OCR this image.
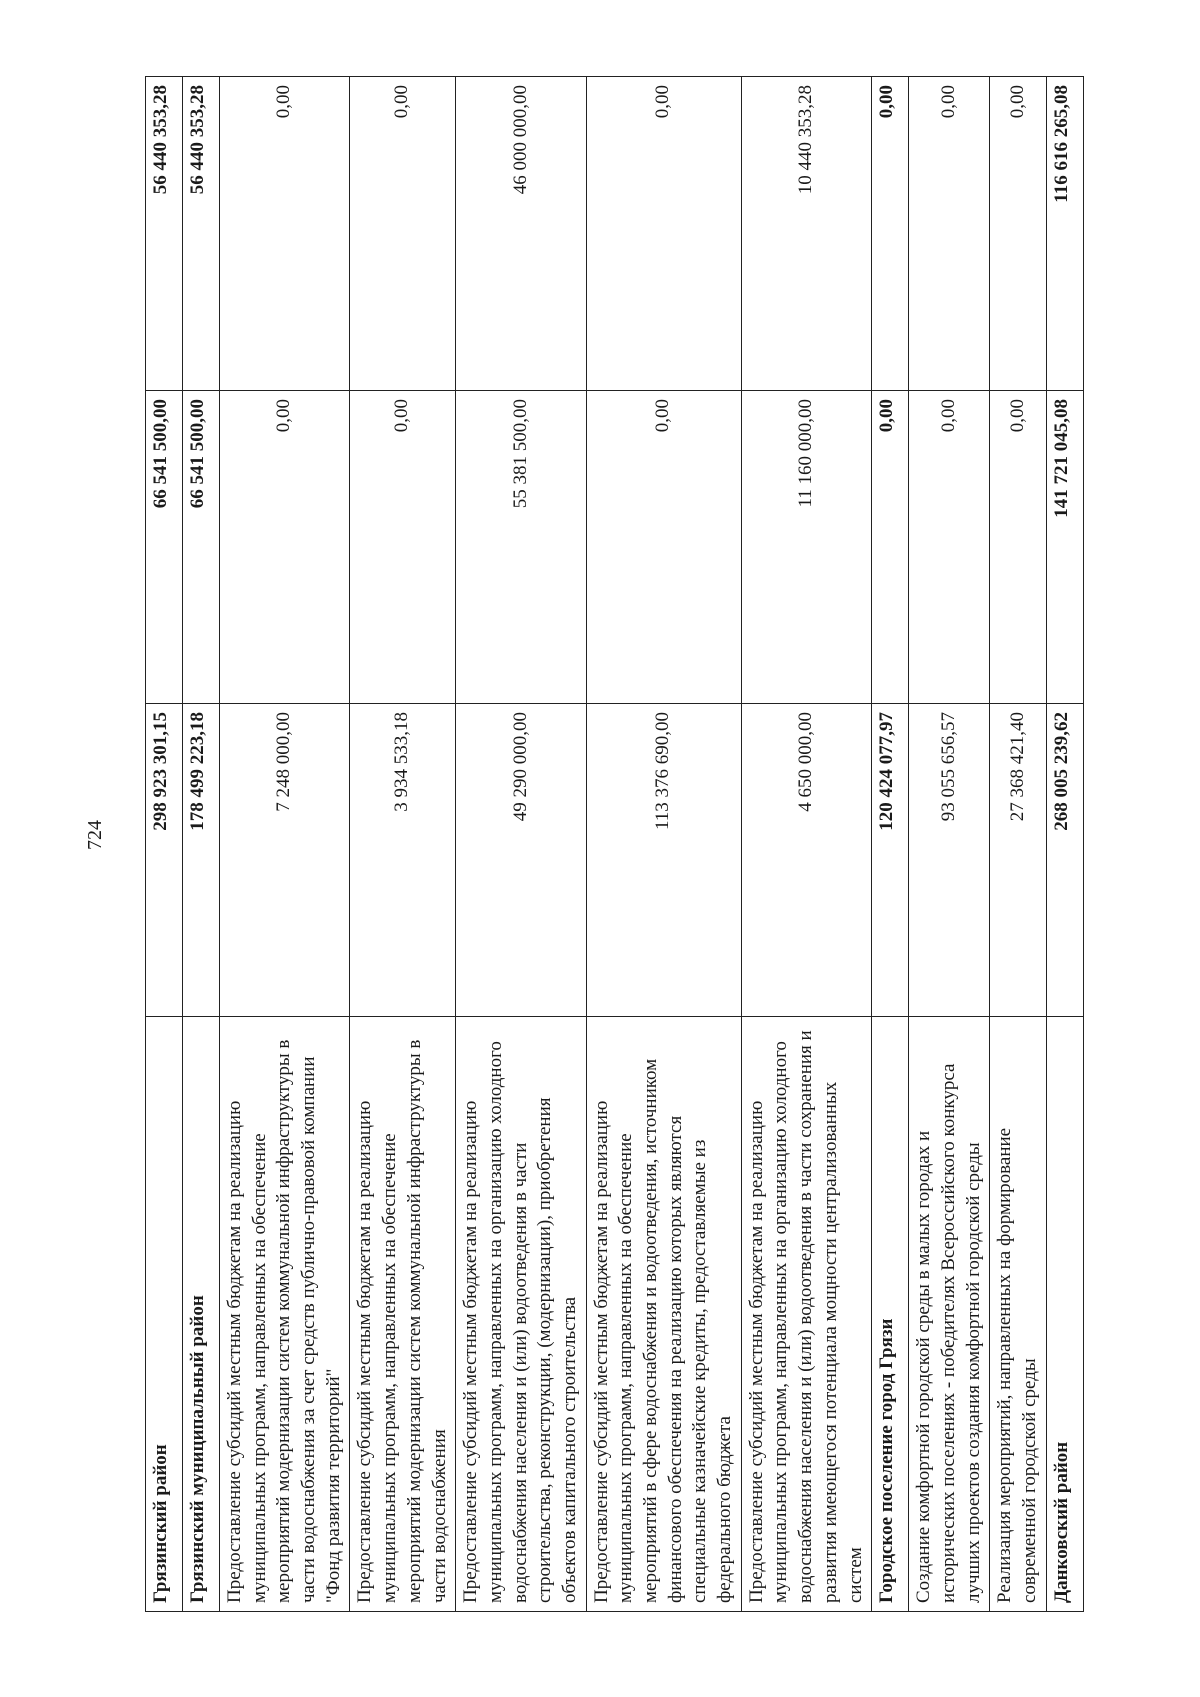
724
Грязинский район	298 923 301,15	66 541 500,00	56 440 353,28
Грязинский муниципальный район	178 499 223,18	66 541 500,00	56 440 353,28
Предоставление субсидий местным бюджетам на реализацию муниципальных программ, направленных на обеспечение мероприятий модернизации систем коммунальной инфраструктуры в части водоснабжения за счет средств публично-правовой компании "Фонд развития территорий"	7 248 000,00	0,00	0,00
Предоставление субсидий местным бюджетам на реализацию муниципальных программ, направленных на обеспечение мероприятий модернизации систем коммунальной инфраструктуры в части водоснабжения	3 934 533,18	0,00	0,00
Предоставление субсидий местным бюджетам на реализацию муниципальных программ, направленных на организацию холодного водоснабжения населения и (или) водоотведения в части строительства, реконструкции, (модернизации), приобретения объектов капитального строительства	49 290 000,00	55 381 500,00	46 000 000,00
Предоставление субсидий местным бюджетам на реализацию муниципальных программ, направленных на обеспечение мероприятий в сфере водоснабжения и водоотведения, источником финансового обеспечения на реализацию которых являются специальные казначейские кредиты, предоставляемые из федерального бюджета	113 376 690,00	0,00	0,00
Предоставление субсидий местным бюджетам на реализацию муниципальных программ, направленных на организацию холодного водоснабжения населения и (или) водоотведения в части сохранения и развития имеющегося потенциала мощности централизованных систем	4 650 000,00	11 160 000,00	10 440 353,28
Городское поселение город Грязи	120 424 077,97	0,00	0,00
Создание комфортной городской среды в малых городах и исторических поселениях - победителях Всероссийского конкурса лучших проектов создания комфортной городской среды	93 055 656,57	0,00	0,00
Реализация мероприятий, направленных на формирование современной городской среды	27 368 421,40	0,00	0,00
Данковский район	268 005 239,62	141 721 045,08	116 616 265,08
